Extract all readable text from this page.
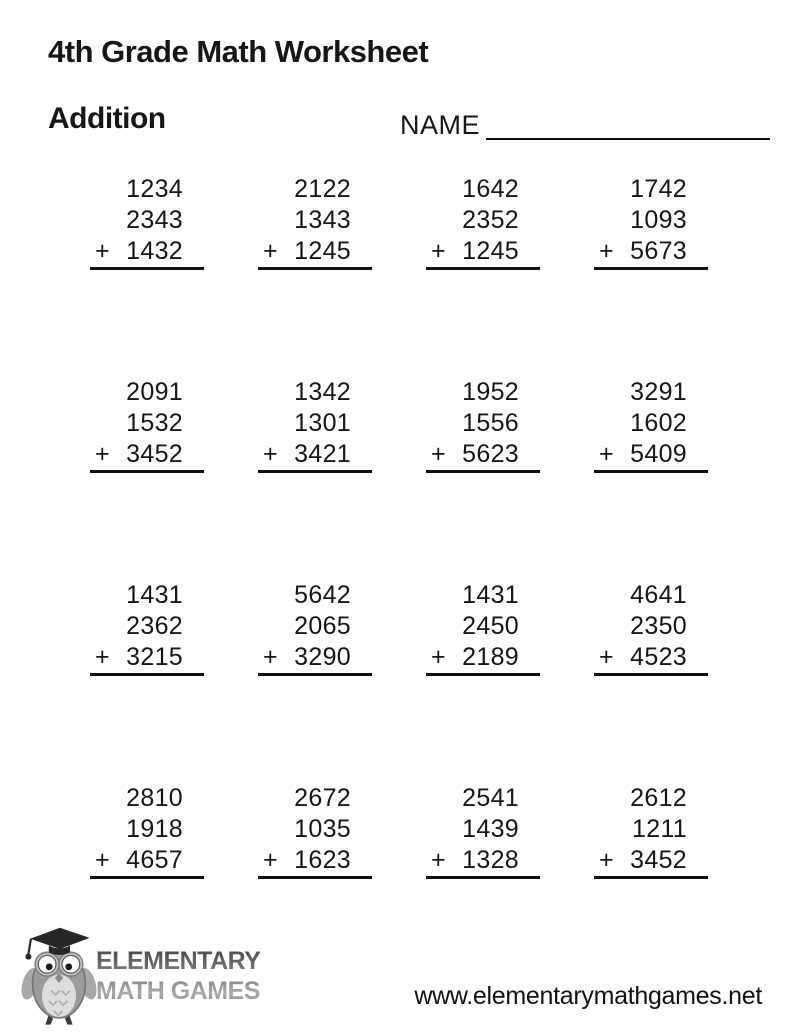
4th Grade Math Worksheet
Addition	NAME
1234
2343
1432
+
2122
1343
1245
+
1642
2352
1245
+
1742
1093
5673
+
2091
1532
3452
+
1342
1301
3421
+
1952
1556
5623
+
3291
1602
5409
+
1431
2362
3215
+
5642
2065
3290
+
1431
2450
2189
+
4641
2350
4523
+
2810
1918
4657
+
2672
1035
1623
+
2541
1439
1328
+
2612
1211
3452
+
ELEMENTARY
MATH GAMES	www.elementarymathgames.net
